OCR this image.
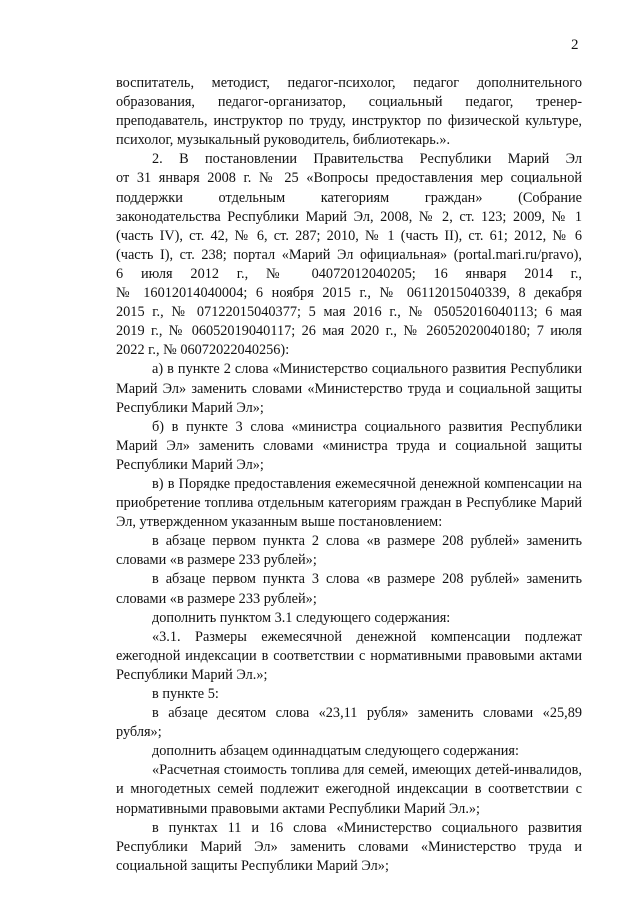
2

воспитатель, методист, педагог-психолог, педагог дополнительного образования, педагог-организатор, социальный педагог, тренер-преподаватель, инструктор по труду, инструктор по физической культуре, психолог, музыкальный руководитель, библиотекарь.».

2. В постановлении Правительства Республики Марий Эл
от 31 января 2008 г. № 25 «Вопросы предоставления мер социальной
поддержки отдельным категориям граждан» (Собрание
законодательства Республики Марий Эл, 2008, № 2, ст. 123; 2009, № 1
(часть IV), ст. 42, № 6, ст. 287; 2010, № 1 (часть II), ст. 61; 2012, № 6
(часть I), ст. 238; портал «Марий Эл официальная» (portal.mari.ru/pravo),
6 июля 2012 г., № 04072012040205; 16 января 2014 г.,
№ 16012014040004; 6 ноября 2015 г., № 06112015040339, 8 декабря
2015 г., № 07122015040377; 5 мая 2016 г., № 05052016040113; 6 мая
2019 г., № 06052019040117; 26 мая 2020 г., № 26052020040180; 7 июля
2022 г., № 06072022040256):

а) в пункте 2 слова «Министерство социального развития Республики Марий Эл» заменить словами «Министерство труда и социальной защиты Республики Марий Эл»;

б) в пункте 3 слова «министра социального развития Республики Марий Эл» заменить словами «министра труда и социальной защиты Республики Марий Эл»;

в) в Порядке предоставления ежемесячной денежной компенсации на приобретение топлива отдельным категориям граждан в Республике Марий Эл, утвержденном указанным выше постановлением:

в абзаце первом пункта 2 слова «в размере 208 рублей» заменить словами «в размере 233 рублей»;

в абзаце первом пункта 3 слова «в размере 208 рублей» заменить словами «в размере 233 рублей»;

дополнить пунктом 3.1 следующего содержания:

«3.1. Размеры ежемесячной денежной компенсации подлежат ежегодной индексации в соответствии с нормативными правовыми актами Республики Марий Эл.»;

в пункте 5:

в абзаце десятом слова «23,11 рубля» заменить словами «25,89 рубля»;

дополнить абзацем одиннадцатым следующего содержания:

«Расчетная стоимость топлива для семей, имеющих детей-инвалидов, и многодетных семей подлежит ежегодной индексации в соответствии с нормативными правовыми актами Республики Марий Эл.»;

в пунктах 11 и 16 слова «Министерство социального развития Республики Марий Эл» заменить словами «Министерство труда и социальной защиты Республики Марий Эл»;
